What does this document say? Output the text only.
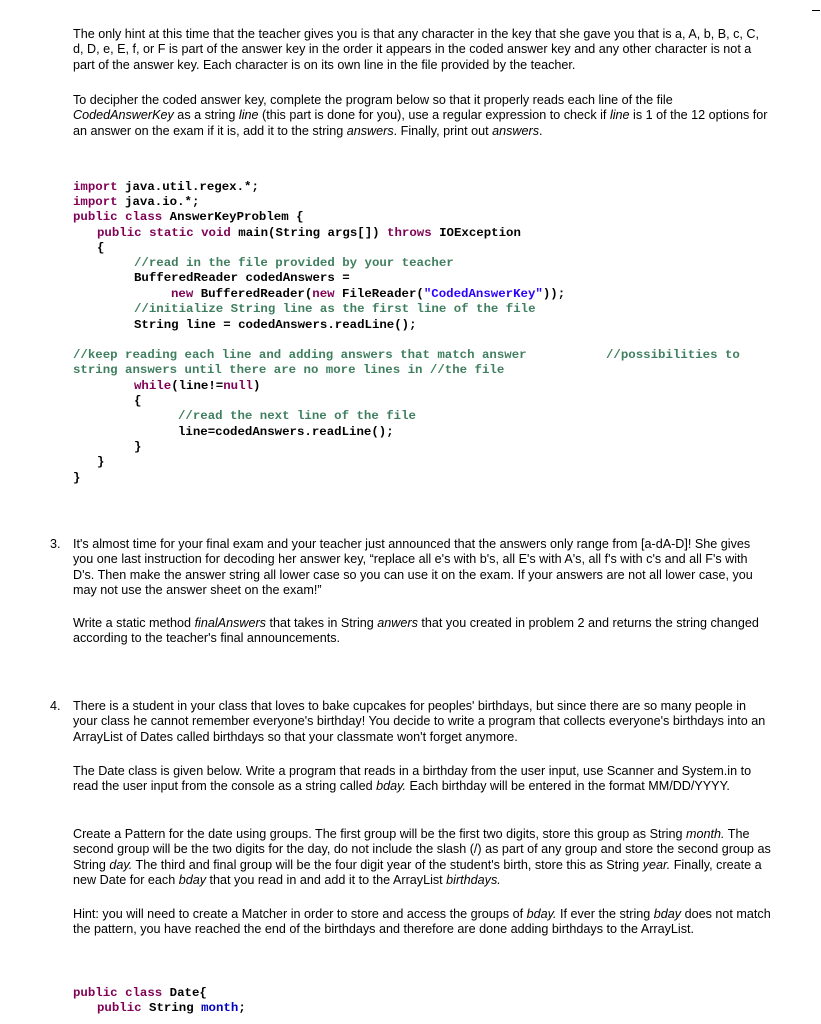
The only hint at this time that the teacher gives you is that any character in the key that she gave you that is a, A, b, B, c, C, d, D, e, E, f, or F is part of the answer key in the order it appears in the coded answer key and any other character is not a part of the answer key. Each character is on its own line in the file provided by the teacher.

To decipher the coded answer key, complete the program below so that it properly reads each line of the file CodedAnswerKey as a string line (this part is done for you), use a regular expression to check if line is 1 of the 12 options for an answer on the exam if it is, add it to the string answers. Finally, print out answers.

import java.util.regex.*;
import java.io.*;
public class AnswerKeyProblem {
public static void main(String args[]) throws IOException
{
//read in the file provided by your teacher
BufferedReader codedAnswers =
new BufferedReader(new FileReader("CodedAnswerKey"));
//initialize String line as the first line of the file
String line = codedAnswers.readLine();
//keep reading each line and adding answers that match answer	//possibilities to
string answers until there are no more lines in //the file
while(line!=null)
{
//read the next line of the file
line=codedAnswers.readLine();
}
}
}
3. It's almost time for your final exam and your teacher just announced that the answers only range from [a-dA-D]! She gives you one last instruction for decoding her answer key, “replace all e's with b's, all E's with A's, all f's with c's and all F's with D's. Then make the answer string all lower case so you can use it on the exam. If your answers are not all lower case, you may not use the answer sheet on the exam!”

Write a static method finalAnswers that takes in String anwers that you created in problem 2 and returns the string changed according to the teacher's final announcements.

4. There is a student in your class that loves to bake cupcakes for peoples' birthdays, but since there are so many people in your class he cannot remember everyone's birthday! You decide to write a program that collects everyone's birthdays into an ArrayList of Dates called birthdays so that your classmate won't forget anymore.

The Date class is given below. Write a program that reads in a birthday from the user input, use Scanner and System.in to read the user input from the console as a string called bday. Each birthday will be entered in the format MM/DD/YYYY.

Create a Pattern for the date using groups. The first group will be the first two digits, store this group as String month. The second group will be the two digits for the day, do not include the slash (/) as part of any group and store the second group as String day. The third and final group will be the four digit year of the student's birth, store this as String year. Finally, create a new Date for each bday that you read in and add it to the ArrayList birthdays.

Hint: you will need to create a Matcher in order to store and access the groups of bday. If ever the string bday does not match the pattern, you have reached the end of the birthdays and therefore are done adding birthdays to the ArrayList.

public class Date{
public String month;
